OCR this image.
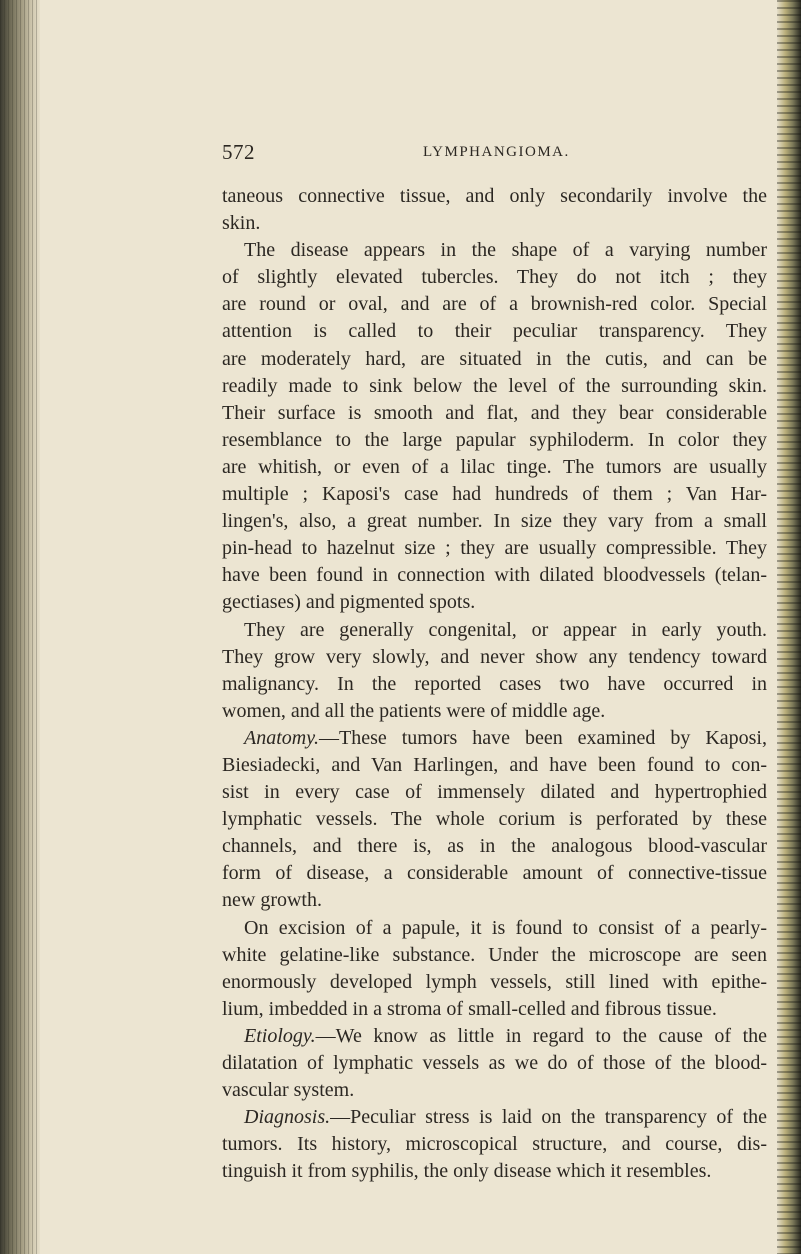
572	LYMPHANGIOMA.
taneous connective tissue, and only secondarily involve the
skin.
The disease appears in the shape of a varying number
of slightly elevated tubercles. They do not itch ; they
are round or oval, and are of a brownish-red color. Special
attention is called to their peculiar transparency. They
are moderately hard, are situated in the cutis, and can be
readily made to sink below the level of the surrounding skin.
Their surface is smooth and flat, and they bear considerable
resemblance to the large papular syphiloderm. In color they
are whitish, or even of a lilac tinge. The tumors are usually
multiple ; Kaposi's case had hundreds of them ; Van Har-
lingen's, also, a great number. In size they vary from a small
pin-head to hazelnut size ; they are usually compressible. They
have been found in connection with dilated bloodvessels (telan-
gectiases) and pigmented spots.
They are generally congenital, or appear in early youth.
They grow very slowly, and never show any tendency toward
malignancy. In the reported cases two have occurred in
women, and all the patients were of middle age.
Anatomy.—These tumors have been examined by Kaposi,
Biesiadecki, and Van Harlingen, and have been found to con-
sist in every case of immensely dilated and hypertrophied
lymphatic vessels. The whole corium is perforated by these
channels, and there is, as in the analogous blood-vascular
form of disease, a considerable amount of connective-tissue
new growth.
On excision of a papule, it is found to consist of a pearly-
white gelatine-like substance. Under the microscope are seen
enormously developed lymph vessels, still lined with epithe-
lium, imbedded in a stroma of small-celled and fibrous tissue.
Etiology.—We know as little in regard to the cause of the
dilatation of lymphatic vessels as we do of those of the blood-
vascular system.
Diagnosis.—Peculiar stress is laid on the transparency of the
tumors. Its history, microscopical structure, and course, dis-
tinguish it from syphilis, the only disease which it resembles.
